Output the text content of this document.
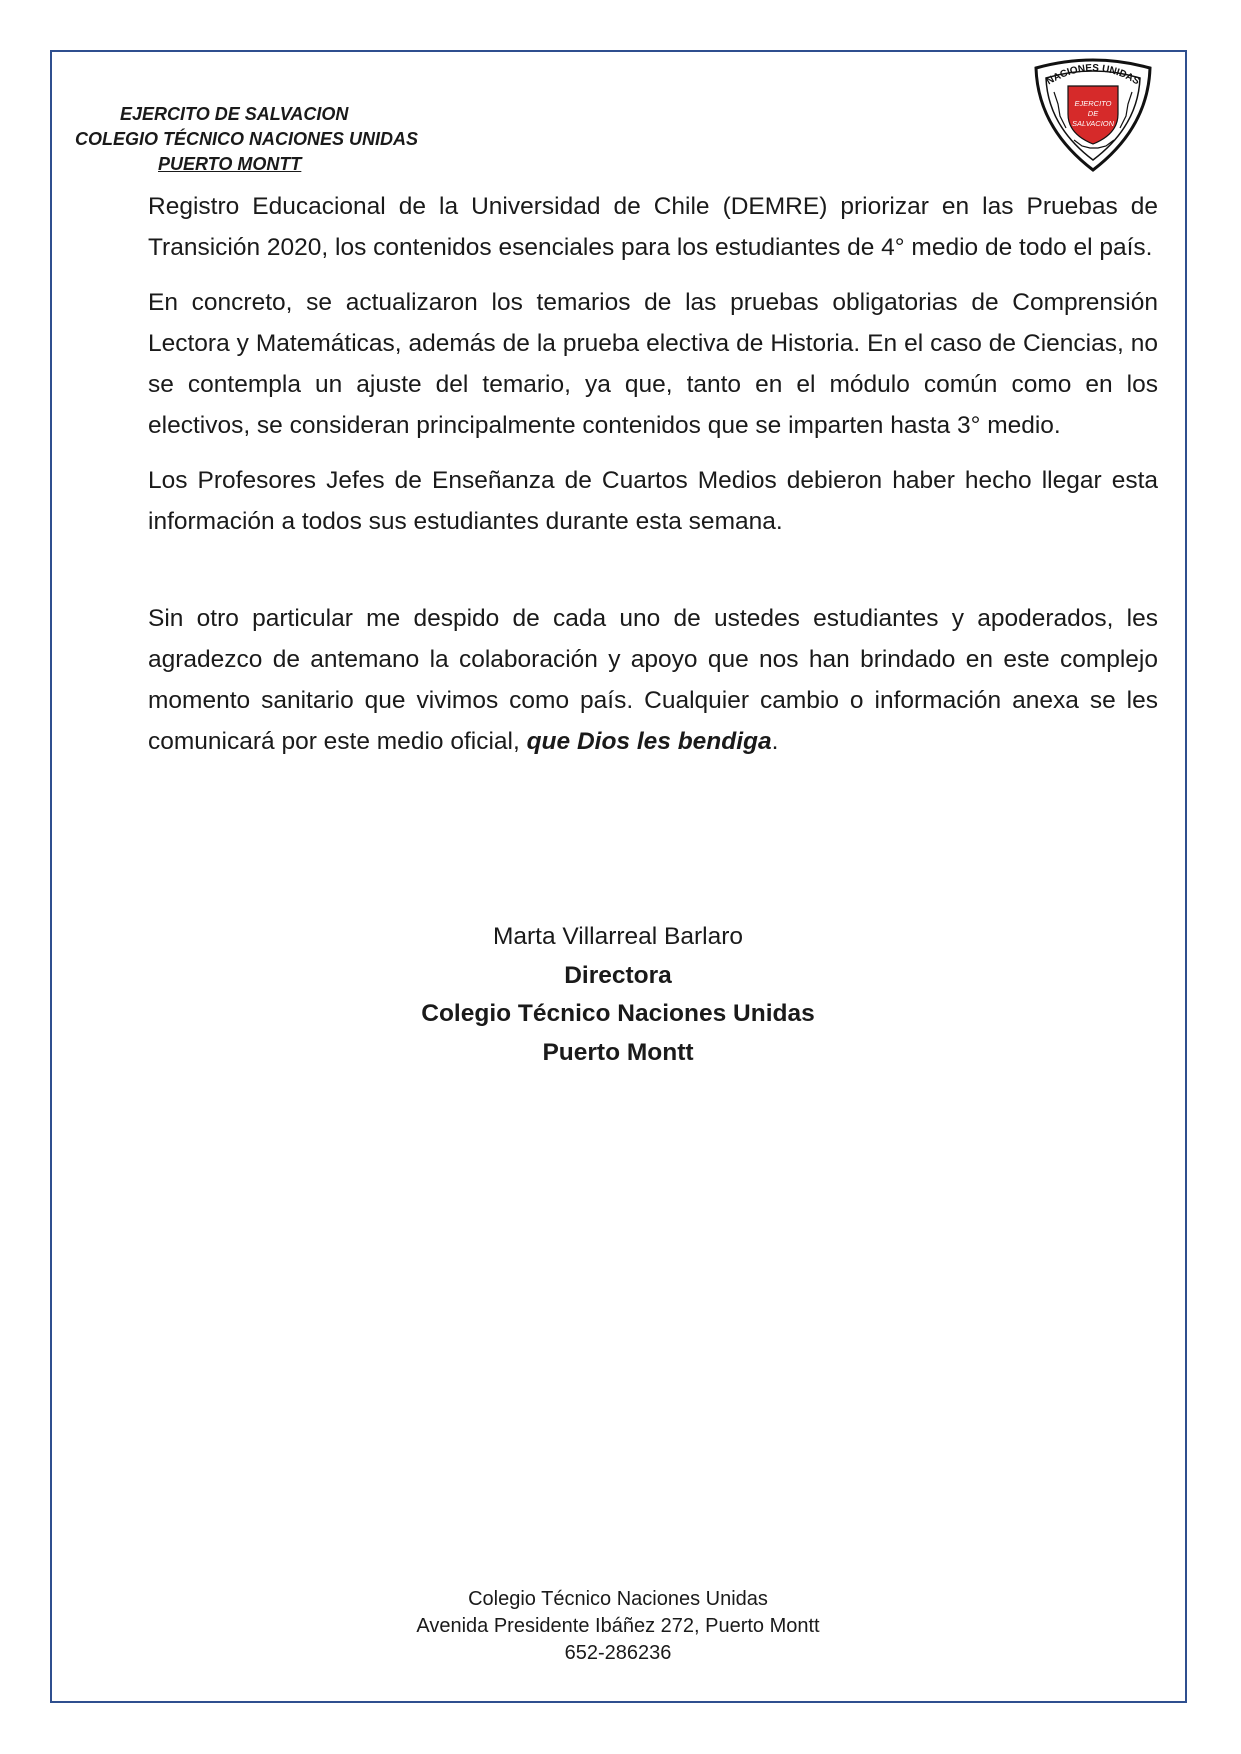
EJERCITO DE SALVACION
COLEGIO TÉCNICO NACIONES UNIDAS
PUERTO MONTT
NACIONES UNIDAS
EJERCITO
DE
SALVACION

Registro Educacional de la Universidad de Chile (DEMRE) priorizar en las Pruebas de Transición 2020, los contenidos esenciales para los estudiantes de 4° medio de todo el país.

En concreto, se actualizaron los temarios de las pruebas obligatorias de Comprensión Lectora y Matemáticas, además de la prueba electiva de Historia. En el caso de Ciencias, no se contempla un ajuste del temario, ya que, tanto en el módulo común como en los electivos, se consideran principalmente contenidos que se imparten hasta 3° medio.

Los Profesores Jefes de Enseñanza de Cuartos Medios debieron haber hecho llegar esta información a todos sus estudiantes durante esta semana.

Sin otro particular me despido de cada uno de ustedes estudiantes y apoderados, les agradezco de antemano la colaboración y apoyo que nos han brindado en este complejo momento sanitario que vivimos como país. Cualquier cambio o información anexa se les comunicará por este medio oficial, que Dios les bendiga.

Marta Villarreal Barlaro
Directora
Colegio Técnico Naciones Unidas
Puerto Montt
Colegio Técnico Naciones Unidas
Avenida Presidente Ibáñez 272, Puerto Montt
652-286236
